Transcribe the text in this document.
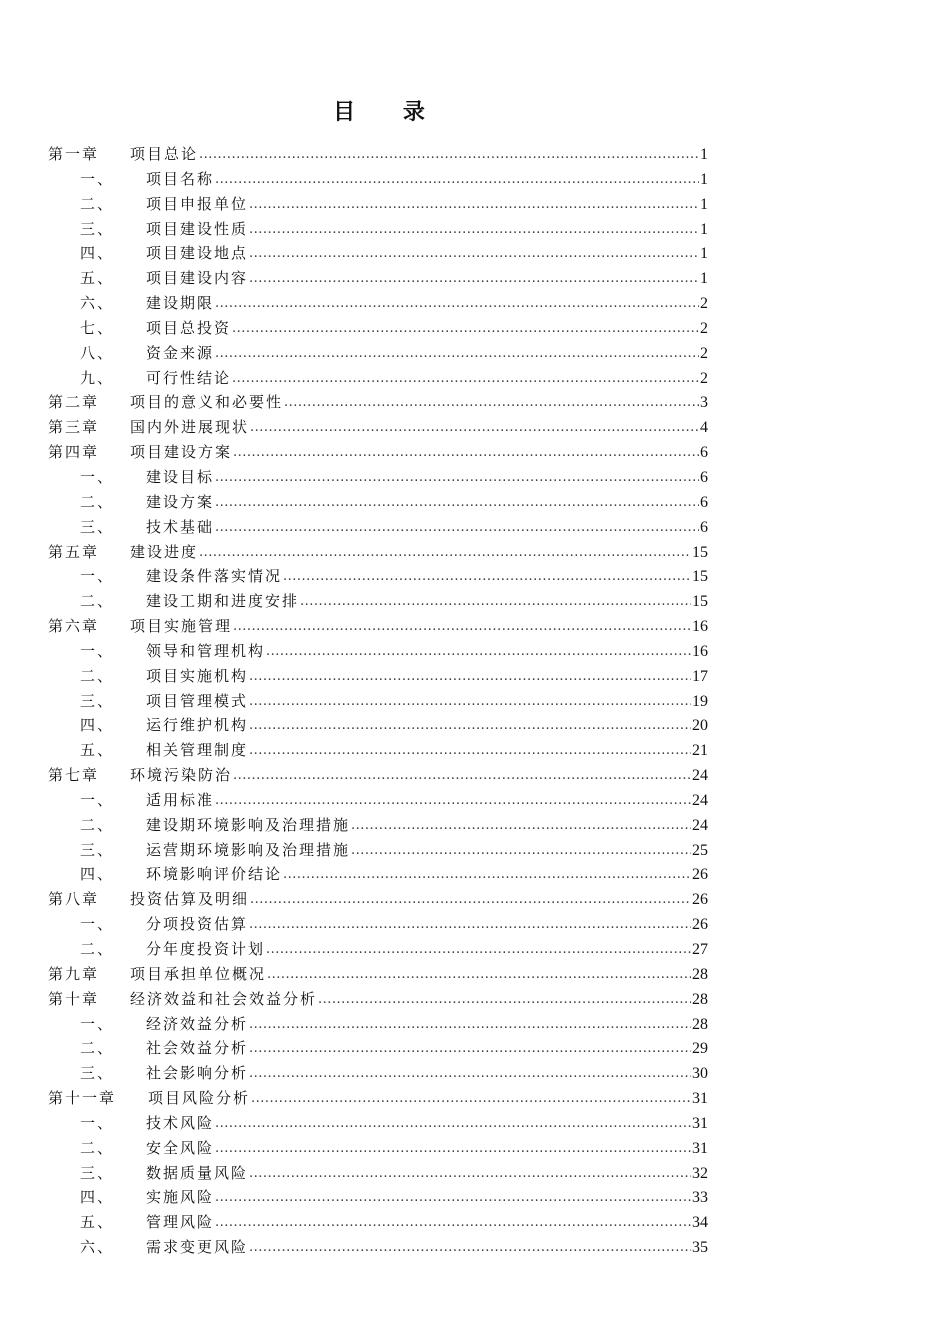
目 录
第一章	项目总论 .....	1
一、	项目名称 .....	1
二、	项目申报单位 .....	1
三、	项目建设性质 .....	1
四、	项目建设地点 .....	1
五、	项目建设内容 .....	1
六、	建设期限 .....	2
七、	项目总投资 .....	2
八、	资金来源 .....	2
九、	可行性结论 .....	2
第二章	项目的意义和必要性 .....	3
第三章	国内外进展现状 .....	4
第四章	项目建设方案 .....	6
一、	建设目标 .....	6
二、	建设方案 .....	6
三、	技术基础 .....	6
第五章	建设进度 .....	15
一、	建设条件落实情况 .....	15
二、	建设工期和进度安排 .....	15
第六章	项目实施管理 .....	16
一、	领导和管理机构 .....	16
二、	项目实施机构 .....	17
三、	项目管理模式 .....	19
四、	运行维护机构 .....	20
五、	相关管理制度 .....	21
第七章	环境污染防治 .....	24
一、	适用标准 .....	24
二、	建设期环境影响及治理措施 .....	24
三、	运营期环境影响及治理措施 .....	25
四、	环境影响评价结论 .....	26
第八章	投资估算及明细 .....	26
一、	分项投资估算 .....	26
二、	分年度投资计划 .....	27
第九章	项目承担单位概况 .....	28
第十章	经济效益和社会效益分析 .....	28
一、	经济效益分析 .....	28
二、	社会效益分析 .....	29
三、	社会影响分析 .....	30
第十一章	项目风险分析 .....	31
一、	技术风险 .....	31
二、	安全风险 .....	31
三、	数据质量风险 .....	32
四、	实施风险 .....	33
五、	管理风险 .....	34
六、	需求变更风险 .....	35
